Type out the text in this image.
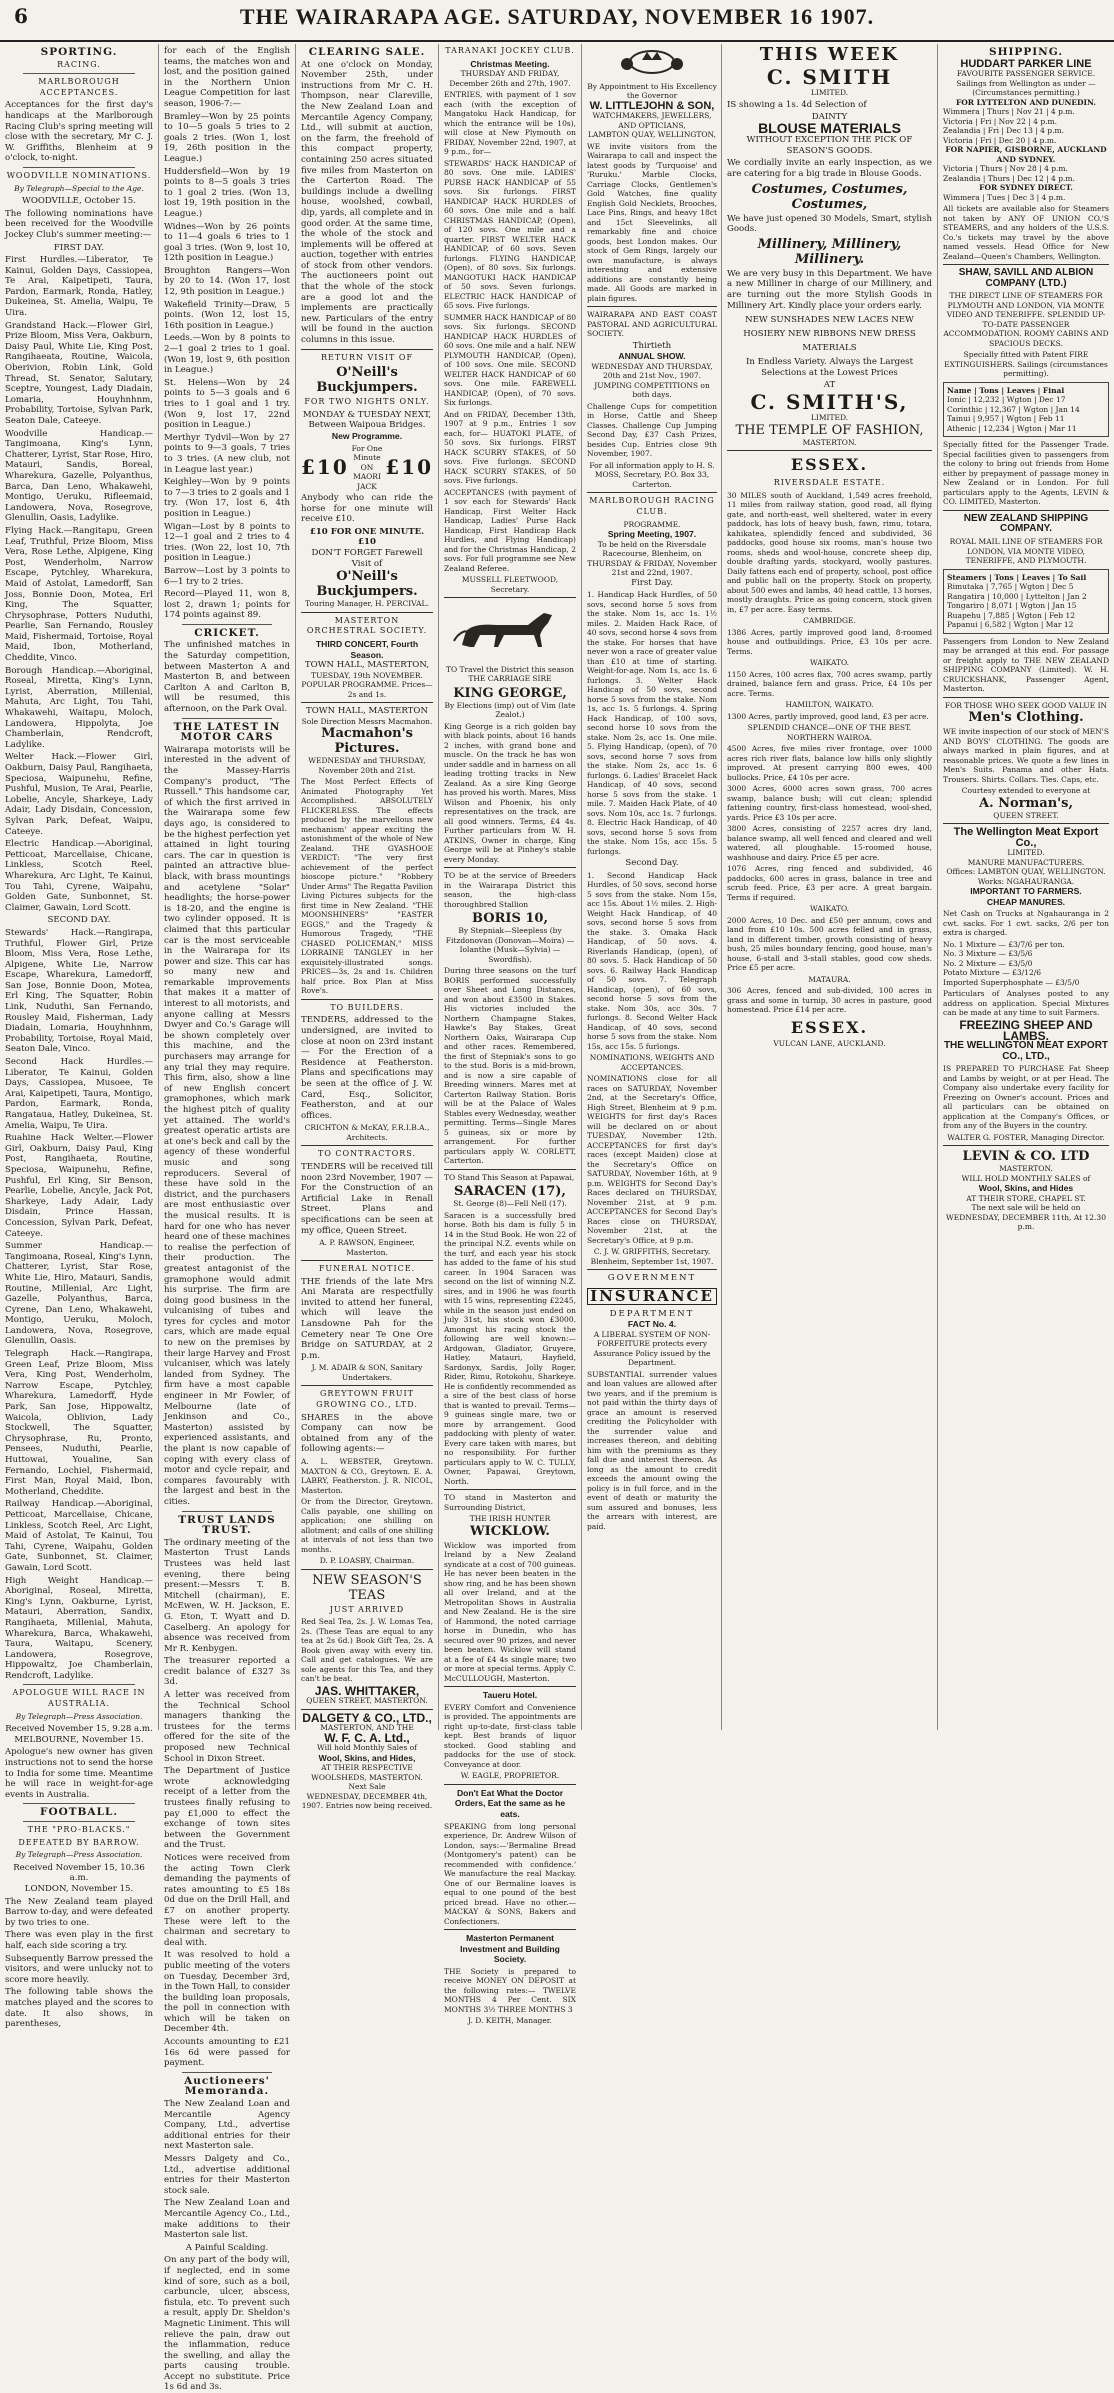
6	THE WAIRARAPA AGE. SATURDAY, NOVEMBER 16 1907.
SPORTING.
RACING.
MARLBOROUGH ACCEPTANCES.

Acceptances for the first day's handicaps at the Marlborough Racing Club's spring meeting will close with the secretary, Mr C. J. W. Griffiths, Blenheim at 9 o'clock, to-night.

WOODVILLE NOMINATIONS.
By Telegraph—Special to the Age.
WOODVILLE, October 15.

The following nominations have been received for the Woodville Jockey Club's summer meeting:—

FIRST DAY.

First Hurdles.—Liberator, Te Kainui, Golden Days, Cassiopea, Te Arai, Kaipetipeti, Taura, Pardon, Earmark, Ronda, Hatley, Dukeinea, St. Amelia, Waipu, Te Uira.

Grandstand Hack.—Flower Girl, Prize Bloom, Miss Vera, Oakburn, Daisy Paul, White Lie, King Post, Rangihaeata, Routine, Waicola, Oberivion, Robin Link, Gold Thread, St. Senator, Salutary, Sceptre, Youngest, Lady Diadain, Lomaria, Houyhnhnm, Probability, Tortoise, Sylvan Park, Seaton Dale, Cateeye.

Woodville Handicap.—Tangimoana, King's Lynn, Chatterer, Lyrist, Star Rose, Hiro, Matauri, Sandis, Boreal, Wharekura, Gazelle, Polyanthus, Barca, Dan Leno, Whakawehi, Montigo, Ueruku, Rifleemaid, Landowera, Nova, Rosegrove, Glenullin, Oasis, Ladylike.

Flying Hack.—Rangitapu, Green Leaf, Truthful, Prize Bloom, Miss Vera, Rose Lethe, Alpigene, King Post, Wenderholm, Narrow Escape, Pytchley, Wharekura, Maid of Astolat, Lamedorff, San Joss, Bonnie Doon, Motea, Erl King, The Squatter, Chrysophrase, Potters Nuduthi, Pearlie, San Fernando, Rousley Maid, Fishermaid, Tortoise, Royal Maid, Ibon, Motherland, Cheddite, Vinco.

Borough Handicap.—Aboriginal, Roseal, Miretta, King's Lynn, Lyrist, Aberration, Millenial, Mahuta, Arc Light, Tou Tahi, Whakawehi, Waitapu, Moloch, Landowera, Hippolyta, Joe Chamberlain, Rendcroft, Ladylike.

Welter Hack.—Flower Girl, Oakburn, Daisy Paul, Rangihaeta, Speciosa, Waipunehu, Refine, Pushful, Musion, Te Arai, Pearlie, Lobelie, Ancyle, Sharkeye, Lady Adair, Lady Disdain, Concession, Sylvan Park, Defeat, Waipu, Cateeye.

Electric Handicap.—Aboriginal, Petticoat, Marcellaise, Chicane, Linkless, Scotch Reel, Wharekura, Arc Light, Te Kainui, Tou Tahi, Cyrene, Waipahu, Golden Gate, Sunbonnet, St. Claimer, Gawain, Lord Scott.

SECOND DAY.

Stewards' Hack.—Rangirapa, Truthful, Flower Girl, Prize Bloom, Miss Vera, Rose Lethe, Alpigene, White Lie, Narrow Escape, Wharekura, Lamedorff, San Jose, Bonnie Doon, Motea, Erl King, The Squatter, Robin Link, Nuduthi, San Fernando, Rousley Maid, Fisherman, Lady Diadain, Lomaria, Houyhnhnm, Probability, Tortoise, Royal Maid, Seaton Dale, Vinco.

Second Hack Hurdles.—Liberator, Te Kainui, Golden Days, Cassiopea, Musoee, Te Arai, Kaipetipeti, Taura, Montigo, Pardon, Earmark, Ronda, Rangataua, Hatley, Dukeinea, St. Amelia, Waipu, Te Uira.

Ruahine Hack Welter.—Flower Girl, Oakburn, Daisy Paul, King Post, Rangihaeta, Routine, Speciosa, Waipunehu, Refine, Pushful, Erl King, Sir Benson, Pearlie, Lobelie, Ancyle, Jack Pot, Sharkeye, Lady Adair, Lady Disdain, Prince Hassan, Concession, Sylvan Park, Defeat, Cateeye.

Summer Handicap.—Tangimoana, Roseal, King's Lynn, Chatterer, Lyrist, Star Rose, White Lie, Hiro, Matauri, Sandis, Routine, Millenial, Arc Light, Gazelle, Polyanthus, Barca, Cyrene, Dan Leno, Whakawehi, Montigo, Ueruku, Moloch, Landowera, Nova, Rosegrove, Glenullin, Oasis.

Telegraph Hack.—Rangirapa, Green Leaf, Prize Bloom, Miss Vera, King Post, Wenderholm, Narrow Escape, Pytchley, Wharekura, Lamedorff, Hyde Park, San Jose, Hippowaltz, Waicola, Oblivion, Lady Stockwell, The Squatter, Chrysophrase, Ru, Pronto, Pensees, Nuduthi, Pearlie, Huttowai, Youaline, San Fernando, Lochiel, Fishermaid, First Man, Royal Maid, Ibon, Motherland, Cheddite.

Railway Handicap.—Aboriginal, Petticoat, Marcellaise, Chicane, Linkless, Scotch Reel, Arc Light, Maid of Astolat, Te Kainui, Tou Tahi, Cyrene, Waipahu, Golden Gate, Sunbonnet, St. Claimer, Gawain, Lord Scott.

High Weight Handicap.—Aboriginal, Roseal, Miretta, King's Lynn, Oakburne, Lyrist, Matauri, Aberration, Sandix, Rangihaeta, Millenial, Mahuta, Wharekura, Barca, Whakawehi, Taura, Waitapu, Scenery, Landowera, Rosegrove, Hippowaltz, Joe Chamberlain, Rendcroft, Ladylike.

APOLOGUE WILL RACE IN AUSTRALIA.
By Telegraph—Press Association.
Received November 15, 9.28 a.m.
MELBOURNE, November 15.

Apologue's new owner has given instructions not to send the horse to India for some time. Meantime he will race in weight-for-age events in Australia.

FOOTBALL.
THE "PRO-BLACKS."
DEFEATED BY BARROW.
By Telegraph—Press Association.
Received November 15, 10.36 a.m.
LONDON, November 15.

The New Zealand team played Barrow to-day, and were defeated by two tries to one.

There was even play in the first half, each side scoring a try.

Subsequently Barrow pressed the visitors, and were unlucky not to score more heavily.

The following table shows the matches played and the scores to date. It also shows, in parentheses,

for each of the English teams, the matches won and lost, and the position gained in the Northern Union League Competition for last season, 1906-7:—

Bramley—Won by 25 points to 10—5 goals 5 tries to 2 goals 2 tries. (Won 1, lost 19, 26th position in the League.)

Huddersfield—Won by 19 points to 8—5 goals 3 tries to 1 goal 2 tries. (Won 13, lost 19, 19th position in the League.)

Widnes—Won by 26 points to 11—4 goals 6 tries to 1 goal 3 tries. (Won 9, lost 10, 12th position in League.)

Broughton Rangers—Won by 20 to 14. (Won 17, lost 12, 9th position in League.)

Wakefield Trinity—Draw, 5 points. (Won 12, lost 15, 16th position in League.)

Leeds.—Won by 8 points to 2—1 goal 2 tries to 1 goal. (Won 19, lost 9, 6th position in League.)

St. Helens—Won by 24 points to 5—3 goals and 6 tries to 1 goal and 1 try. (Won 9, lost 17, 22nd position in League.)

Merthyr Tydvil—Won by 27 points to 9—3 goals, 7 tries to 3 tries. (A new club, not in League last year.)

Keighley—Won by 9 points to 7—3 tries to 2 goals and 1 try. (Won 17, lost 6, 4th position in League.)

Wigan—Lost by 8 points to 12—1 goal and 2 tries to 4 tries. (Won 22, lost 10, 7th position in League.)

Barrow—Lost by 3 points to 6—1 try to 2 tries.

Record—Played 11, won 8, lost 2, drawn 1; points for 174 points against 89.

CRICKET.

The unfinished matches in the Saturday competition, between Masterton A and Masterton B, and between Carlton A and Carlton B, will be resumed, this afternoon, on the Park Oval.

THE LATEST IN MOTOR CARS

Wairarapa motorists will be interested in the advent of the Massey-Harris Company's product, "The Russell." This handsome car, of which the first arrived in the Wairarapa some few days ago, is considered to be the highest perfection yet attained in light touring cars. The car in question is painted an attractive blue-black, with brass mountings and acetylene "Solar" headlights; the horse-power is 18-20, and the engine is two cylinder opposed. It is claimed that this particular car is the most serviceable in the Wairarapa for its power and size. This car has so many new and remarkable improvements that makes it a matter of interest to all motorists, and anyone calling at Messrs Dwyer and Co.'s Garage will be shown completely over this machine, and the purchasers may arrange for any trial they may require. This firm, also, show a line of new English concert gramophones, which mark the highest pitch of quality yet attained. The world's greatest operatic artists are at one's beck and call by the agency of these wonderful music and song reproducers. Several of these have sold in the district, and the purchasers are most enthusiastic over the musical results. It is hard for one who has never heard one of these machines to realise the perfection of their production. The greatest antagonist of the gramophone would admit his surprise. The firm are doing good business in the vulcanising of tubes and tyres for cycles and motor cars, which are made equal to new on the premises by their large Harvey and Frost vulcaniser, which was lately landed from Sydney. The firm have a most capable engineer in Mr Fowler, of Melbourne (late of Jenkinson and Co., Masterton) assisted by experienced assistants, and the plant is now capable of coping with every class of motor and cycle repair, and compares favourably with the largest and best in the cities.

TRUST LANDS TRUST.

The ordinary meeting of the Masterton Trust Lands Trustees was held last evening, there being present:—Messrs T. B. Mitchell (chairman), E. McEwen, W. H. Jackson, E. G. Eton, T. Wyatt and D. Caselberg. An apology for absence was received from Mr R. Kenbygen.

The treasurer reported a credit balance of £327 3s 3d.

A letter was received from the Technical School managers thanking the trustees for the terms offered for the site of the proposed new Technical School in Dixon Street.

The Department of Justice wrote acknowledging receipt of a letter from the trustees finally refusing to pay £1,000 to effect the exchange of town sites between the Government and the Trust.

Notices were received from the acting Town Clerk demanding the payments of rates amounting to £5 18s 0d due on the Drill Hall, and £7 on another property. These were left to the chairman and secretary to deal with.

It was resolved to hold a public meeting of the voters on Tuesday, December 3rd, in the Town Hall, to consider the building loan proposals, the poll in connection with which will be taken on December 4th.

Accounts amounting to £21 16s 6d were passed for payment.

Auctioneers' Memoranda.

The New Zealand Loan and Mercantile Agency Company, Ltd., advertise additional entries for their next Masterton sale.

Messrs Dalgety and Co., Ltd., advertise additional entries for their Masterton stock sale.

The New Zealand Loan and Mercantile Agency Co., Ltd., make additions to their Masterton sale list.

A Painful Scalding.

On any part of the body will, if neglected, end in some kind of sore, such as a boil, carbuncle, ulcer, abscess, fistula, etc. To prevent such a result, apply Dr. Sheldon's Magnetic Liniment. This will relieve the pain, draw out the inflammation, reduce the swelling, and allay the parts causing trouble. Accept no substitute. Price 1s 6d and 3s.

CLEARING SALE.

At one o'clock on Monday, November 25th, under instructions from Mr C. H. Thompson, near Clareville, the New Zealand Loan and Mercantile Agency Company, Ltd., will submit at auction, on the farm, the freehold of this compact property, containing 250 acres situated five miles from Masterton on the Carterton Road. The buildings include a dwelling house, woolshed, cowbail, dip, yards, all complete and in good order. At the same time, the whole of the stock and implements will be offered at auction, together with entries of stock from other vendors. The auctioneers point out that the whole of the stock are a good lot and the implements are practically new. Particulars of the entry will be found in the auction columns in this issue.

RETURN VISIT OF
O'Neill's Buckjumpers.
FOR TWO NIGHTS ONLY.
MONDAY & TUESDAY NEXT, Between Waipoua Bridges.
New Programme.
£10
For One Minute ON MAORI JACK
£10

Anybody who can ride the horse for one minute will receive £10.

£10 FOR ONE MINUTE. £10
DON'T FORGET Farewell Visit of
O'Neill's Buckjumpers.
Touring Manager, H. PERCIVAL.
MASTERTON ORCHESTRAL SOCIETY.
THIRD CONCERT, Fourth Season.
TOWN HALL, MASTERTON,
TUESDAY, 19th NOVEMBER. POPULAR PROGRAMME. Prices—2s and 1s.
TOWN HALL, MASTERTON
Sole Direction Messrs Macmahon.
Macmahon's Pictures.
WEDNESDAY and THURSDAY, November 20th and 21st.

The Most Perfect Effects of Animated Photography Yet Accomplished. ABSOLUTELY FLICKERLESS. The effects produced by the marvellous new mechanism' appear exciting the astonishment of the whole of New Zealand. THE GYASHOOE VERDICT: "The very first achievement of the perfect bioscope picture." "Robbery Under Arms" The Regatta Pavilion Living Pictures subjects for the first time in New Zealand. "THE MOONSHINERS" "EASTER EGGS," and the Tragedy & Humorous Tragedy, "THE CHASED POLICEMAN," MISS LORRAINE TANGLEY in her exquisitely-illustrated songs. PRICES—3s, 2s and 1s. Children half price. Box Plan at Miss Rove's.

TO BUILDERS.

TENDERS, addressed to the undersigned, are invited to close at noon on 23rd instant— For the Erection of a Residence at Featherston. Plans and specifications may be seen at the office of J. W. Card, Esq., Solicitor, Featherston, and at our offices.

CRICHTON & McKAY, F.R.I.B.A., Architects.
TO CONTRACTORS.

TENDERS will be received till noon 23rd November, 1907 — For the Construction of an Artificial Lake in Renall Street. Plans and specifications can be seen at my office, Queen Street.

A. P. RAWSON, Engineer, Masterton.
FUNERAL NOTICE.

THE friends of the late Mrs Ani Marata are respectfully invited to attend her funeral, which will leave the Lansdowne Pah for the Cemetery near Te One Ore Bridge on SATURDAY, at 2 p.m.

J. M. ADAIR & SON, Sanitary Undertakers.
GREYTOWN FRUIT GROWING CO., LTD.

SHARES in the above Company can now be obtained from any of the following agents:—

A. L. WEBSTER, Greytown. MAXTON & CO., Greytown. E. A. LABRY, Featherston. J. R. NICOL, Masterton.

Or from the Director, Greytown. Calls payable, one shilling on application; one shilling on allotment; and calls of one shilling at intervals of not less than two months.

D. P. LOASBY, Chairman.
NEW SEASON'S TEAS
JUST ARRIVED

Red Seal Tea, 2s. J. W. Lomas Tea, 2s. (These Teas are equal to any tea at 2s 6d.) Book Gift Tea, 2s. A Book given away with every tin. Call and get catalogues. We are sole agents for this Tea, and they can't be beat.

JAS. WHITTAKER,
QUEEN STREET, MASTERTON.
DALGETY & CO., LTD.,
MASTERTON, AND THE
W. F. C. A. Ltd.,
Will hold Monthly Sales of
Wool, Skins, and Hides,
AT THEIR RESPECTIVE WOOLSHEDS, MASTERTON.
Next Sale
WEDNESDAY, DECEMBER 4th, 1907. Entries now being received.
TARANAKI JOCKEY CLUB.
Christmas Meeting.
THURSDAY AND FRIDAY, December 26th and 27th, 1907.

ENTRIES, with payment of 1 sov each (with the exception of Mangatoku Hack Handicap, for which the entrance will be 10s), will close at New Plymouth on FRIDAY, November 22nd, 1907, at 9 p.m., for—

STEWARDS' HACK HANDICAP of 80 sovs. One mile. LADIES' PURSE HACK HANDICAP of 55 sovs. Six furlongs. FIRST HANDICAP HACK HURDLES of 60 sovs. One mile and a half. CHRISTMAS HANDICAP, (Open), of 120 sovs. One mile and a quarter. FIRST WELTER HACK HANDICAP, of 60 sovs. Seven furlongs. FLYING HANDICAP, (Open), of 80 sovs. Six furlongs. MANGOTUKI HACK HANDICAP of 50 sovs. Seven furlongs. ELECTRIC HACK HANDICAP of 65 sovs. Five furlongs.

SUMMER HACK HANDICAP of 80 sovs. Six furlongs. SECOND HANDICAP HACK HURDLES of 60 sovs. One mile and a half. NEW PLYMOUTH HANDICAP, (Open), of 100 sovs. One mile. SECOND WELTER HACK HANDICAP of 60 sovs. One mile. FAREWELL HANDICAP, (Open), of 70 sovs. Six furlongs.

And on FRIDAY, December 13th, 1907 at 9 p.m., Entries 1 sov each, for— HUATOKI PLATE, of 50 sovs. Six furlongs. FIRST HACK SCURRY STAKES, of 50 sovs. Five furlongs. SECOND HACK SCURRY STAKES, of 50 sovs. Five furlongs.

ACCEPTANCES (with payment of 1 sov each for Stewards' Hack Handicap, First Welter Hack Handicap, Ladies' Purse Hack Handicap, First Handicap Hack Hurdles, and Flying Handicap) and for the Christmas Handicap, 2 sovs. For full programme see New Zealand Referee.

MUSSELL FLEETWOOD, Secretary.

TO Travel the District this season THE CARRIAGE SIRE

KING GEORGE,
By Elections (imp) out of Vim (late Zealot.)

King George is a rich golden bay with black points, about 16 hands 2 inches, with grand bone and muscle. On the track he has won under saddle and in harness on all leading trotting tracks in New Zealand. As a sire King George has proved his worth. Mares, Miss Wilson and Phoenix, his only representatives on the track, are all good winners. Terms, £4 4s. Further particulars from W. H. ATKINS, Owner in charge, King George will be at Pinhey's stable every Monday.

TO be at the service of Breeders in the Wairarapa District this season, the high-class thoroughbred Stallion

BORIS 10,
By Stepniak—Sleepless (by Fitzdonovan (Donovan—Moira) — Iolanthe (Musk—Sylvia) — Swordfish).

During three seasons on the turf BORIS performed successfully over Sheet and Long Distances, and won about £3500 in Stakes. His victories included the Northern Champagne Stakes, Hawke's Bay Stakes, Great Northern Oaks, Wairarapa Cup and other races. Remembered, the first of Stepniak's sons to go to the stud. Boris is a mid-brown, and is now a sire capable of Breeding winners. Mares met at Carterton Railway Station. Boris will be at the Palace of Wales Stables every Wednesday, weather permitting. Terms—Single Mares 5 guineas, six or more by arrangement. For further particulars apply W. CORLETT, Carterton.

TO Stand This Season at Papawai,

SARACEN (17),
St. George (8)—Fell Nell (17).

Saracen is a successfully bred horse. Both his dam is fully 5 in 14 in the Stud Book. He won 22 of the principal N.Z. events while on the turf, and each year his stock has added to the fame of his stud career. In 1904 Saracen was second on the list of winning N.Z. sires, and in 1906 he was fourth with 15 wins, representing £2245, while in the season just ended on July 31st, his stock won £3000. Amongst his racing stock the following are well known:—Ardgowan, Gladiator, Gruyere, Hatley, Matauri, Hayfield, Sardonyx, Sardis, Jolly Roger, Rider, Rimu, Rotokohu, Sharkeye. He is confidently recommended as a sire of the best class of horse that is wanted to prevail. Terms—9 guineas single mare, two or more by arrangement. Good paddocking with plenty of water. Every care taken with mares, but no responsibility. For further particulars apply to W. C. TULLY, Owner, Papawai, Greytown, North.

TO stand in Masterton and Surrounding District,

THE IRISH HUNTER
WICKLOW.

Wicklow was imported from Ireland by a New Zealand syndicate at a cost of 700 guineas. He has never been beaten in the show ring, and he has been shown all over Ireland, and at the Metropolitan Shows in Australia and New Zealand. He is the sire of Hammond, the noted carriage horse in Dunedin, who has secured over 90 prizes, and never been beaten. Wicklow will stand at a fee of £4 4s single mare; two or more at special terms. Apply C. McCULLOUGH, Masterton.

Taueru Hotel.

EVERY Comfort and Convenience is provided. The appointments are right up-to-date, first-class table kept. Best brands of liquor stocked. Good stabling and paddocks for the use of stock. Conveyance at door.

W. EAGLE, PROPRIETOR.
Don't Eat What the Doctor Orders, Eat the same as he eats.

SPEAKING from long personal experience, Dr. Andrew Wilson of London, says:—'Bermaline Bread (Montgomery's patent) can be recommended with confidence.' We manufacture the real Mackay. One of our Bermaline loaves is equal to one pound of the best priced bread. Have no other.—MACKAY & SONS, Bakers and Confectioners.

Masterton Permanent Investment and Building Society.

THE Society is prepared to receive MONEY ON DEPOSIT at the following rates:— TWELVE MONTHS 4 Per Cent. SIX MONTHS 3½ THREE MONTHS 3

J. D. KEITH, Manager.
By Appointment to His Excellency the Governor
W. LITTLEJOHN & SON,
WATCHMAKERS, JEWELLERS, AND OPTICIANS,
LAMBTON QUAY, WELLINGTON,

WE invite visitors from the Wairarapa to call and inspect the latest goods by 'Turquoise' and 'Ruruku.' Marble Clocks, Carriage Clocks, Gentlemen's Gold Watches, fine quality English Gold Necklets, Brooches, Lace Pins, Rings, and heavy 18ct and 15ct Sleevelinks, all remarkably fine and choice goods, best London makes. Our stock of Gem Rings, largely our own manufacture, is always interesting and extensive additions are constantly being made. All Goods are marked in plain figures.

WAIRARAPA AND EAST COAST PASTORAL AND AGRICULTURAL SOCIETY.

Thirtieth
ANNUAL SHOW.
WEDNESDAY AND THURSDAY, 20th and 21st Nov., 1907.
JUMPING COMPETITIONS on both days.

Challenge Cups for competition in Horse, Cattle and Sheep Classes. Challenge Cup Jumping Second Day, £37 Cash Prizes, besides Cup. Entries close 9th November, 1907.

For all information apply to H. S. MOSS, Secretary, P.O. Box 33, Carterton.
MARLBOROUGH RACING CLUB.
PROGRAMME.
Spring Meeting, 1907.
To be held on the Riversdale Racecourse, Blenheim, on THURSDAY & FRIDAY, November 21st and 22nd, 1907.
First Day.

1. Handicap Hack Hurdles, of 50 sovs, second horse 5 sovs from the stake. Nom 1s, acc 1s. 1½ miles. 2. Maiden Hack Race, of 40 sovs, second horse 4 sovs from the stake. For horses that have never won a race of greater value than £10 at time of starting. Weight-for-age. Nom 1s, acc 1s. 6 furlongs. 3. Welter Hack Handicap of 50 sovs, second horse 5 sovs from the stake. Nom 1s, acc 1s. 5 furlongs. 4. Spring Hack Handicap, of 100 sovs, second horse 10 sovs from the stake. Nom 2s, acc 1s. One mile. 5. Flying Handicap, (open), of 70 sovs, second horse 7 sovs from the stake. Nom 2s, acc 1s. 6 furlongs. 6. Ladies' Bracelet Hack Handicap, of 40 sovs, second horse 5 sovs from the stake. 1 mile. 7. Maiden Hack Plate, of 40 sovs. Nom 10s, acc 1s. 7 furlongs. 8. Electric Hack Handicap, of 40 sovs, second horse 5 sovs from the stake. Nom 15s, acc 15s. 5 furlongs.

Second Day.

1. Second Handicap Hack Hurdles, of 50 sovs, second horse 5 sovs from the stake. Nom 15s, acc 15s. About 1½ miles. 2. High-Weight Hack Handicap, of 40 sovs, second horse 5 sovs from the stake. 3. Omaka Hack Handicap, of 50 sovs. 4. Riverlands Handicap, (open), of 80 sovs. 5. Hack Handicap of 50 sovs. 6. Railway Hack Handicap of 50 sovs. 7. Telegraph Handicap, (open), of 60 sovs, second horse 5 sovs from the stake. Nom 30s, acc 30s. 7 furlongs. 8. Second Welter Hack Handicap, of 40 sovs, second horse 5 sovs from the stake. Nom 15s, acc 15s. 5 furlongs.

NOMINATIONS, WEIGHTS AND ACCEPTANCES.

NOMINATIONS close for all races on SATURDAY, November 2nd, at the Secretary's Office, High Street, Blenheim at 9 p.m. WEIGHTS for first day's Races will be declared on or about TUESDAY, November 12th. ACCEPTANCES for first day's races (except Maiden) close at the Secretary's Office on SATURDAY, November 16th, at 9 p.m. WEIGHTS for Second Day's Races declared on THURSDAY, November 21st, at 9 p.m. ACCEPTANCES for Second Day's Races close on THURSDAY, November 21st, at the Secretary's Office, at 9 p.m.

C. J. W. GRIFFITHS, Secretary. Blenheim, September 1st, 1907.
GOVERNMENT
INSURANCE
DEPARTMENT
FACT No. 4.
A LIBERAL SYSTEM OF NON-FORFEITURE protects every Assurance Policy issued by the Department.

SUBSTANTIAL surrender values and loan values are allowed after two years, and if the premium is not paid within the thirty days of grace an amount is reserved crediting the Policyholder with the surrender value and increases thereon, and debiting him with the premiums as they fall due and interest thereon. As long as the amount to credit exceeds the amount owing the policy is in full force, and in the event of death or maturity the sum assured and bonuses, less the arrears with interest, are paid.

THIS WEEK
C. SMITH
LIMITED.

IS showing a 1s. 4d Selection of

DAINTY
BLOUSE MATERIALS

WITHOUT EXCEPTION THE PICK OF SEASON'S GOODS.

We cordially invite an early inspection, as we are catering for a big trade in Blouse Goods.

Costumes, Costumes, Costumes,

We have just opened 30 Models, Smart, stylish Goods.

Millinery, Millinery, Millinery.

We are very busy in this Department. We have a new Milliner in charge of our Millinery, and are turning out the more Stylish Goods in Millinery Art. Kindly place your orders early.

NEW SUNSHADES NEW LACES NEW HOSIERY NEW RIBBONS NEW DRESS MATERIALS

In Endless Variety. Always the Largest Selections at the Lowest Prices

AT
C. SMITH'S,
LIMITED.
THE TEMPLE OF FASHION,
MASTERTON.
ESSEX.
RIVERSDALE ESTATE.

30 MILES south of Auckland, 1,549 acres freehold, 11 miles from railway station, good road, all flying gate, and north-east, well sheltered, water in every paddock, has lots of heavy bush, fawn, rimu, totara, kahikatea, splendidly fenced and subdivided, 36 paddocks, good house six rooms, man's house two rooms, sheds and wool-house, concrete sheep dip, double drafting yards, stockyard, woolly pastures. Daily fattens each end of property, school, post office and public hall on the property. Stock on property, about 500 ewes and lambs, 40 head cattle, 13 horses, mostly draughts. Price as going concern, stock given in, £7 per acre. Easy terms.

CAMBRIDGE.

1386 Acres, partly improved good land, 8-roomed house and outbuildings. Price, £3 10s per acre. Terms.

WAIKATO.

1150 Acres, 100 acres flax, 700 acres swamp, partly drained, balance fern and grass. Price, £4 10s per acre. Terms.

HAMILTON, WAIKATO.

1300 Acres, partly improved, good land, £3 per acre.

SPLENDID CHANCE—ONE OF THE BEST.
NORTHERN WAIROA.

4500 Acres, five miles river frontage, over 1000 acres rich river flats, balance low hills only slightly improved. At present carrying 800 ewes, 400 bullocks. Price, £4 10s per acre.

3000 Acres, 6000 acres sown grass, 700 acres swamp, balance bush; will cut clean; splendid fattening country, first-class homestead, wool-shed, yards. Price £3 10s per acre.

3800 Acres, consisting of 2257 acres dry land, balance swamp, all well fenced and cleared and well watered, all ploughable. 15-roomed house, washhouse and dairy. Price £5 per acre.

1076 Acres, ring fenced and subdivided, 46 paddocks, 600 acres in grass, balance in tree and scrub feed. Price, £3 per acre. A great bargain. Terms if required.

WAIKATO.

2000 Acres, 10 Dec. and £50 per annum, cows and land from £10 10s. 500 acres felled and in grass, land in different timber, growth consisting of heavy bush, 25 miles boundary fencing, good house, man's house, 6-stall and 3-stall stables, good cow sheds. Price £5 per acre.

MATAURA.

306 Acres, fenced and sub-divided, 100 acres in grass and some in turnip, 30 acres in pasture, good homestead. Price £14 per acre.

ESSEX.
VULCAN LANE, AUCKLAND.
SHIPPING.
HUDDART PARKER LINE
FAVOURITE PASSENGER SERVICE.
Sailings from Wellington as under — (Circumstances permitting.)
FOR LYTTELTON AND DUNEDIN.
Wimmera | Thurs | Nov 21 | 4 p.m.
Victoria | Fri | Nov 22 | 4 p.m.
Zealandia | Fri | Dec 13 | 4 p.m.
Victoria | Fri | Dec 20 | 4 p.m.
FOR NAPIER, GISBORNE, AUCKLAND AND SYDNEY.
Victoria | Thurs | Nov 28 | 4 p.m.
Zealandia | Thurs | Dec 12 | 4 p.m.
FOR SYDNEY DIRECT.
Wimmera | Tues | Dec 3 | 4 p.m.

All tickets are available also for Steamers not taken by ANY OF UNION CO.'S STEAMERS, and any holders of the U.S.S. Co.'s tickets may travel by the above named vessels. Head Office for New Zealand—Queen's Chambers, Wellington.

SHAW, SAVILL AND ALBION COMPANY (LTD.)

THE DIRECT LINE OF STEAMERS FOR PLYMOUTH AND LONDON, VIA MONTE VIDEO AND TENERIFFE. SPLENDID UP-TO-DATE PASSENGER ACCOMMODATION. ROOMY CABINS AND SPACIOUS DECKS.

Specially fitted with Patent FIRE EXTINGUISHERS. Sailings (circumstances permitting).

Name | Tons | Leaves | Final
Ionic | 12,232 | Wgton | Dec 17
Corinthic | 12,367 | Wgton | Jan 14
Tainui | 9,957 | Wgton | Feb 11
Athenic | 12,234 | Wgton | Mar 11

Specially fitted for the Passenger Trade. Special facilities given to passengers from the colony to bring out friends from Home either by prepayment of passage money in New Zealand or in London. For full particulars apply to the Agents, LEVIN & CO. LIMITED, Masterton.

NEW ZEALAND SHIPPING COMPANY.

ROYAL MAIL LINE OF STEAMERS FOR LONDON, VIA MONTE VIDEO, TENERIFFE, AND PLYMOUTH.

Steamers | Tons | Leaves | To Sail
Rimutaka | 7,765 | Wgton | Dec 5
Rangatira | 10,000 | Lyttelton | Jan 2
Tongariro | 8,071 | Wgton | Jan 15
Ruapehu | 7,885 | Wgton | Feb 12
Papanui | 6,582 | Wgton | Mar 12

Passengers from London to New Zealand may be arranged at this end. For passage or freight apply to THE NEW ZEALAND SHIPPING COMPANY (Limited). W. H. CRUICKSHANK, Passenger Agent, Masterton.

FOR THOSE WHO SEEK GOOD VALUE IN
Men's Clothing.

WE invite inspection of our stock of MEN'S AND BOYS' CLOTHING. The goods are always marked in plain figures, and at reasonable prices. We quote a few lines in Men's Suits. Panama and other Hats. Trousers. Shirts. Collars. Ties. Caps, etc.

Courtesy extended to everyone at
A. Norman's,
QUEEN STREET.
The Wellington Meat Export Co.,
LIMITED.
MANURE MANUFACTURERS.
Offices: LAMBTON QUAY, WELLINGTON. Works: NGAHAURANGA.
IMPORTANT TO FARMERS.
CHEAP MANURES.

Net Cash on Trucks at Ngahauranga in 2 cwt. sacks. For 1 cwt. sacks, 2/6 per ton extra is charged.

No. 1 Mixture — £3/7/6 per ton.
No. 3 Mixture — £3/5/6
No. 2 Mixture — £3/5/0
Potato Mixture — £3/12/6
Imported Superphosphate — £3/5/0

Particulars of Analyses posted to any address on application. Special Mixtures can be made at any time to suit Farmers.

FREEZING SHEEP AND LAMBS.
THE WELLINGTON MEAT EXPORT CO., LTD.,

IS PREPARED TO PURCHASE Fat Sheep and Lambs by weight, or at per Head. The Company also undertake every facility for Freezing on Owner's account. Prices and all particulars can be obtained on application at the Company's Offices, or from any of the Buyers in the country.

WALTER G. FOSTER, Managing Director.
LEVIN & CO. LTD
MASTERTON.
WILL HOLD MONTHLY SALES of
Wool, Skins, and Hides
AT THEIR STORE, CHAPEL ST.
The next sale will be held on
WEDNESDAY, DECEMBER 11th, At 12.30 p.m.
